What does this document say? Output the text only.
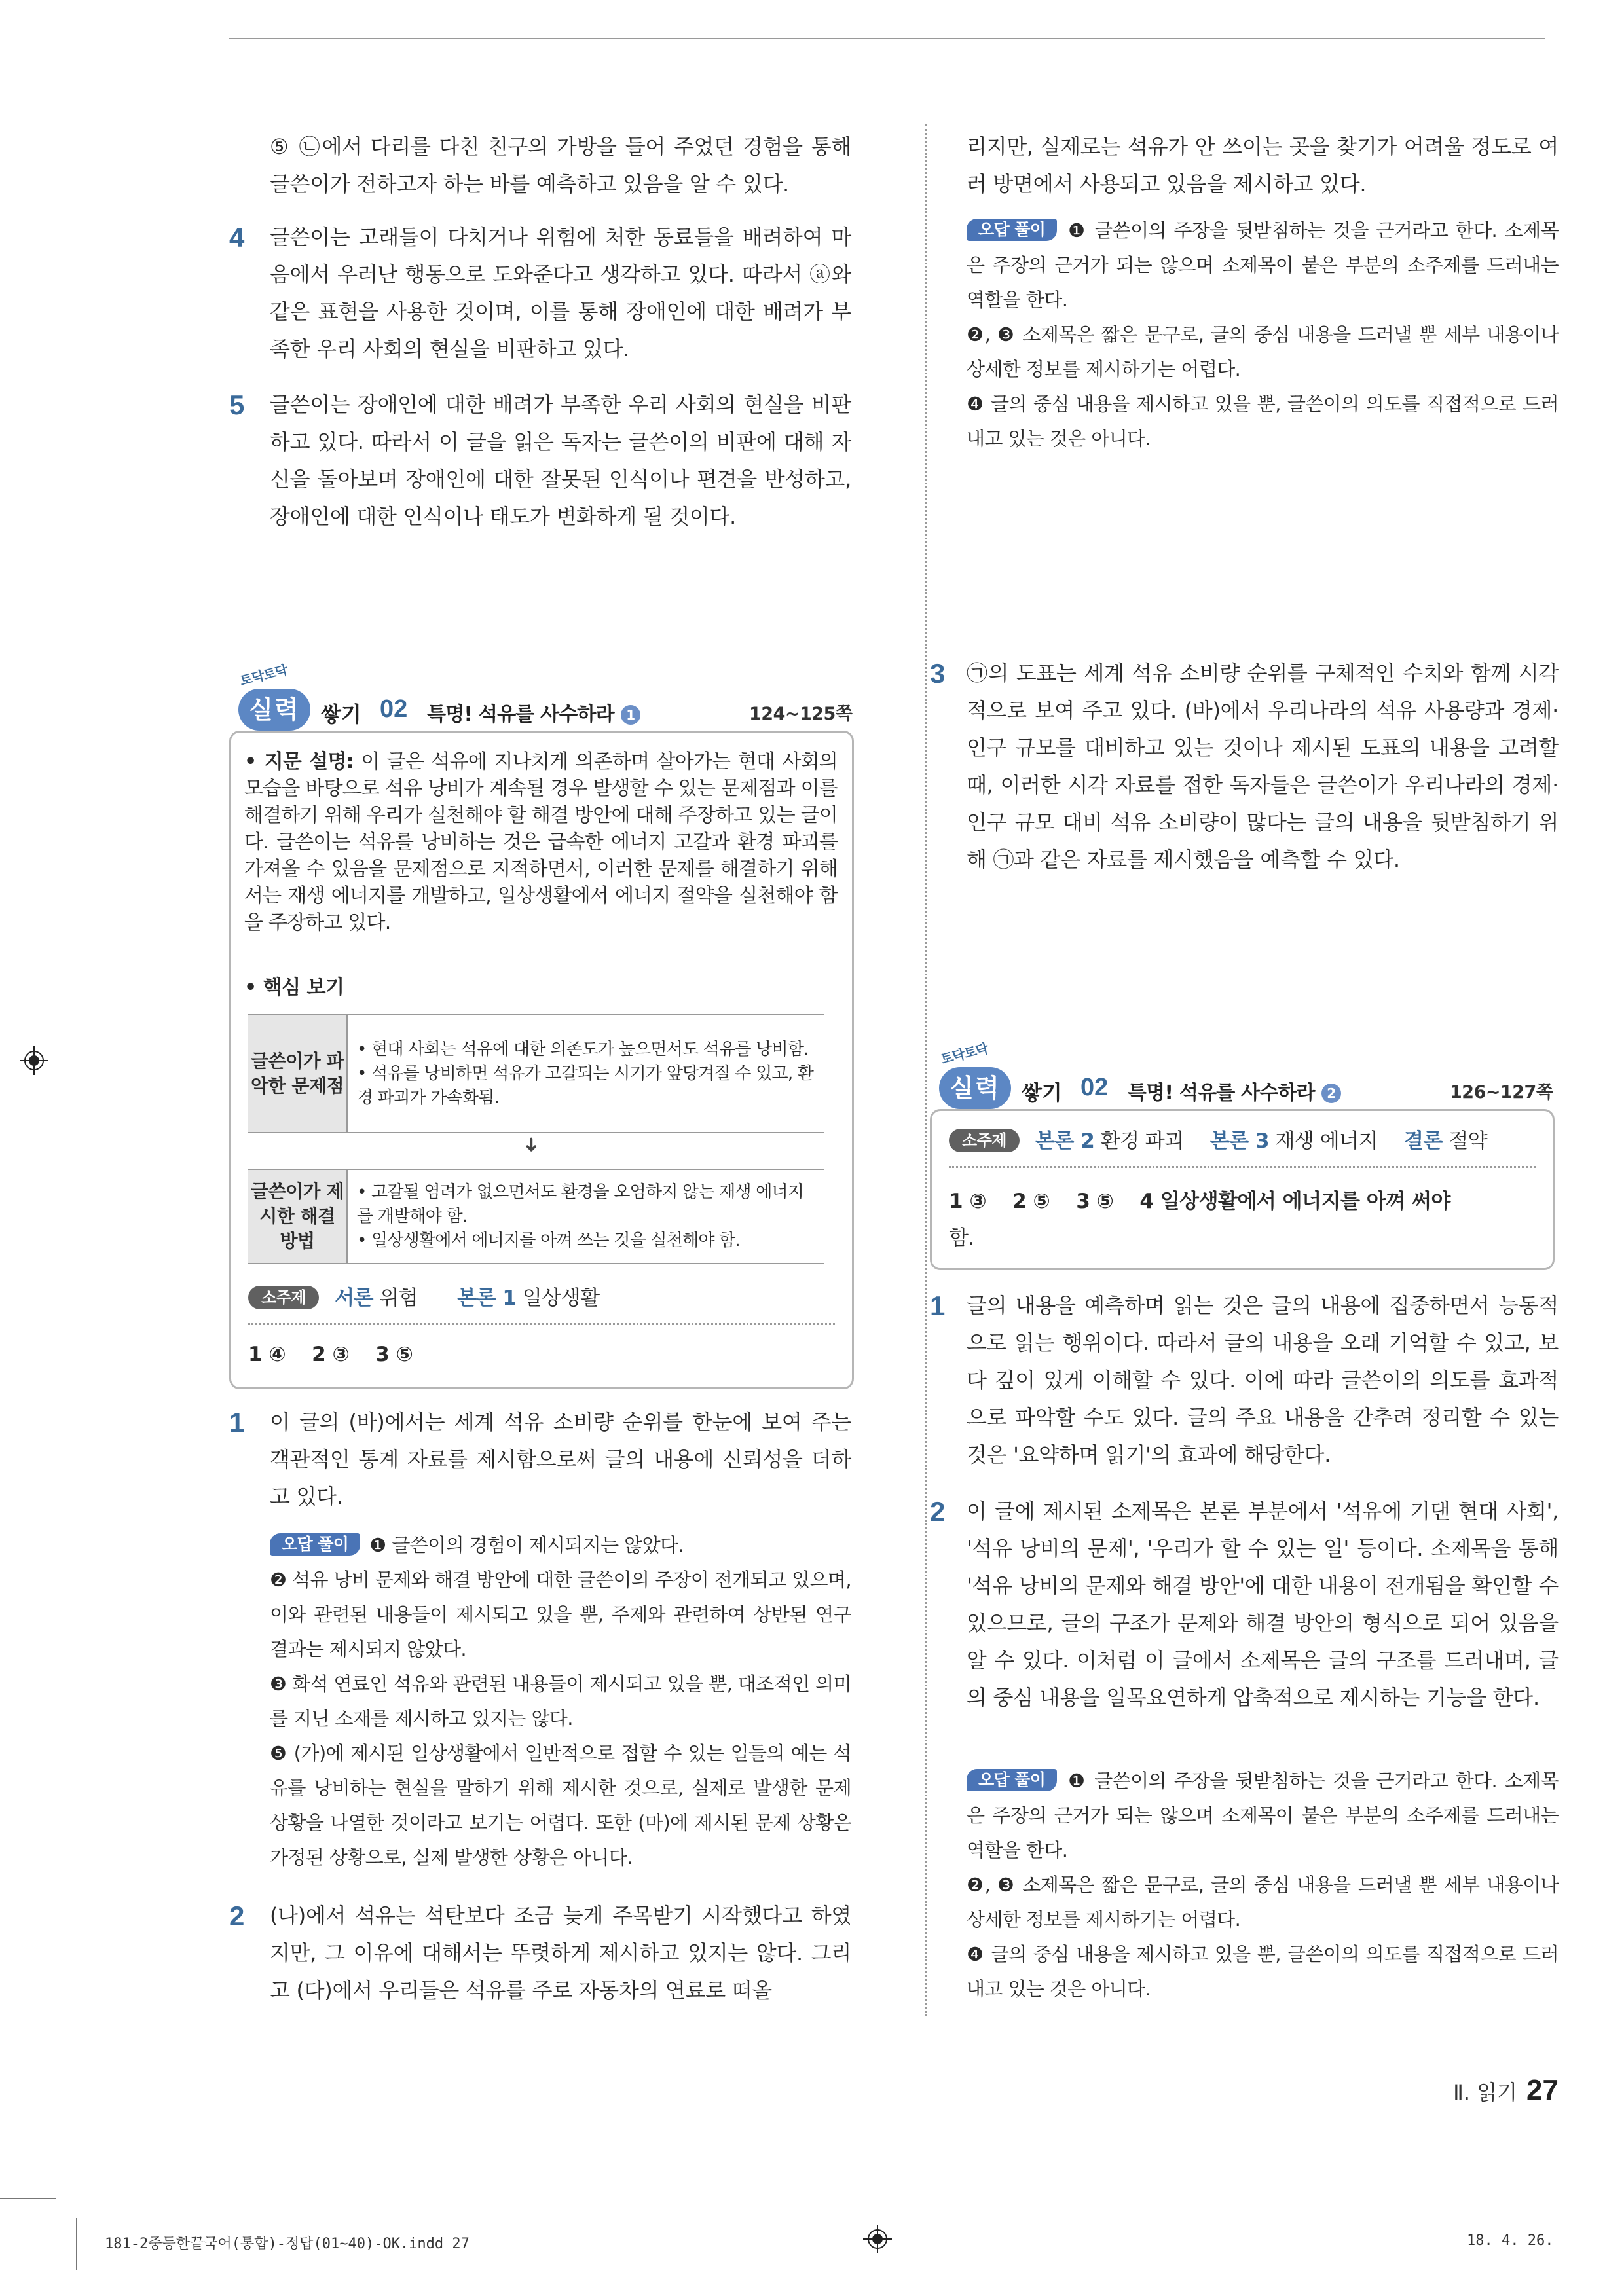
⑤ ㉡에서 다리를 다친 친구의 가방을 들어 주었던 경험을 통해 글쓴이가 전하고자 하는 바를 예측하고 있음을 알 수 있다.
4 글쓴이는 고래들이 다치거나 위험에 처한 동료들을 배려하여 마음에서 우러난 행동으로 도와준다고 생각하고 있다. 따라서 ⓐ와 같은 표현을 사용한 것이며, 이를 통해 장애인에 대한 배려가 부족한 우리 사회의 현실을 비판하고 있다.
5 글쓴이는 장애인에 대한 배려가 부족한 우리 사회의 현실을 비판하고 있다. 따라서 이 글을 읽은 독자는 글쓴이의 비판에 대해 자신을 돌아보며 장애인에 대한 잘못된 인식이나 편견을 반성하고, 장애인에 대한 인식이나 태도가 변화하게 될 것이다.
• 지문 설명: 이 글은 석유에 지나치게 의존하며 살아가는 현대 사회의 모습을 바탕으로 석유 낭비가 계속될 경우 발생할 수 있는 문제점과 이를 해결하기 위해 우리가 실천해야 할 해결 방안에 대해 주장하고 있는 글이다. 글쓴이는 석유를 낭비하는 것은 급속한 에너지 고갈과 환경 파괴를 가져올 수 있음을 문제점으로 지적하면서, 이러한 문제를 해결하기 위해서는 재생 에너지를 개발하고, 일상생활에서 에너지 절약을 실천해야 함을 주장하고 있다.
• 핵심 보기
글쓴이가 파악한 문제점	
• 현대 사회는 석유에 대한 의존도가 높으면서도 석유를 낭비함.
• 석유를 낭비하면 석유가 고갈되는 시기가 앞당겨질 수 있고, 환경 파괴가 가속화됨.
➜
글쓴이가 제시한 해결 방법	
• 고갈될 염려가 없으면서도 환경을 오염하지 않는 재생 에너지를 개발해야 함.
• 일상생활에서 에너지를 아껴 쓰는 것을 실천해야 함.
소주제 서론 위험 본론 1 일상생활
1 ④ 2 ③ 3 ⑤
토닥토닥
실력	쌓기 02 특명! 석유를 사수하라 1	124~125쪽
1 이 글의 (바)에서는 세계 석유 소비량 순위를 한눈에 보여 주는 객관적인 통계 자료를 제시함으로써 글의 내용에 신뢰성을 더하고 있다.
오답 풀이 ❶ 글쓴이의 경험이 제시되지는 않았다.
❷ 석유 낭비 문제와 해결 방안에 대한 글쓴이의 주장이 전개되고 있으며, 이와 관련된 내용들이 제시되고 있을 뿐, 주제와 관련하여 상반된 연구 결과는 제시되지 않았다.
❸ 화석 연료인 석유와 관련된 내용들이 제시되고 있을 뿐, 대조적인 의미를 지닌 소재를 제시하고 있지는 않다.
❺ (가)에 제시된 일상생활에서 일반적으로 접할 수 있는 일들의 예는 석유를 낭비하는 현실을 말하기 위해 제시한 것으로, 실제로 발생한 문제 상황을 나열한 것이라고 보기는 어렵다. 또한 (마)에 제시된 문제 상황은 가정된 상황으로, 실제 발생한 상황은 아니다.
2 (나)에서 석유는 석탄보다 조금 늦게 주목받기 시작했다고 하였지만, 그 이유에 대해서는 뚜렷하게 제시하고 있지는 않다. 그리고 (다)에서 우리들은 석유를 주로 자동차의 연료로 떠올
리지만, 실제로는 석유가 안 쓰이는 곳을 찾기가 어려울 정도로 여러 방면에서 사용되고 있음을 제시하고 있다.
오답 풀이 ❶ 글쓴이의 주장을 뒷받침하는 것을 근거라고 한다. 소제목은 주장의 근거가 되는 않으며 소제목이 붙은 부분의 소주제를 드러내는 역할을 한다.
❷, ❸ 소제목은 짧은 문구로, 글의 중심 내용을 드러낼 뿐 세부 내용이나 상세한 정보를 제시하기는 어렵다.
❹ 글의 중심 내용을 제시하고 있을 뿐, 글쓴이의 의도를 직접적으로 드러내고 있는 것은 아니다.
3 ㉠의 도표는 세계 석유 소비량 순위를 구체적인 수치와 함께 시각적으로 보여 주고 있다. (바)에서 우리나라의 석유 사용량과 경제·인구 규모를 대비하고 있는 것이나 제시된 도표의 내용을 고려할 때, 이러한 시각 자료를 접한 독자들은 글쓴이가 우리나라의 경제·인구 규모 대비 석유 소비량이 많다는 글의 내용을 뒷받침하기 위해 ㉠과 같은 자료를 제시했음을 예측할 수 있다.
소주제 본론 2 환경 파괴 본론 3 재생 에너지 결론 절약
1 ③ 2 ⑤ 3 ⑤ 4 일상생활에서 에너지를 아껴 써야
함.
토닥토닥
실력	쌓기 02 특명! 석유를 사수하라 2	126~127쪽
1 글의 내용을 예측하며 읽는 것은 글의 내용에 집중하면서 능동적으로 읽는 행위이다. 따라서 글의 내용을 오래 기억할 수 있고, 보다 깊이 있게 이해할 수 있다. 이에 따라 글쓴이의 의도를 효과적으로 파악할 수도 있다. 글의 주요 내용을 간추려 정리할 수 있는 것은 '요약하며 읽기'의 효과에 해당한다.
2 이 글에 제시된 소제목은 본론 부분에서 '석유에 기댄 현대 사회', '석유 낭비의 문제', '우리가 할 수 있는 일' 등이다. 소제목을 통해 '석유 낭비의 문제와 해결 방안'에 대한 내용이 전개됨을 확인할 수 있으므로, 글의 구조가 문제와 해결 방안의 형식으로 되어 있음을 알 수 있다. 이처럼 이 글에서 소제목은 글의 구조를 드러내며, 글의 중심 내용을 일목요연하게 압축적으로 제시하는 기능을 한다.
오답 풀이 ❶ 글쓴이의 주장을 뒷받침하는 것을 근거라고 한다. 소제목은 주장의 근거가 되는 않으며 소제목이 붙은 부분의 소주제를 드러내는 역할을 한다.
❷, ❸ 소제목은 짧은 문구로, 글의 중심 내용을 드러낼 뿐 세부 내용이나 상세한 정보를 제시하기는 어렵다.
❹ 글의 중심 내용을 제시하고 있을 뿐, 글쓴이의 의도를 직접적으로 드러내고 있는 것은 아니다.
Ⅱ. 읽기 27
181-2중등한끝국어(통합)-정답(01~40)-OK.indd 27	18. 4. 26.
